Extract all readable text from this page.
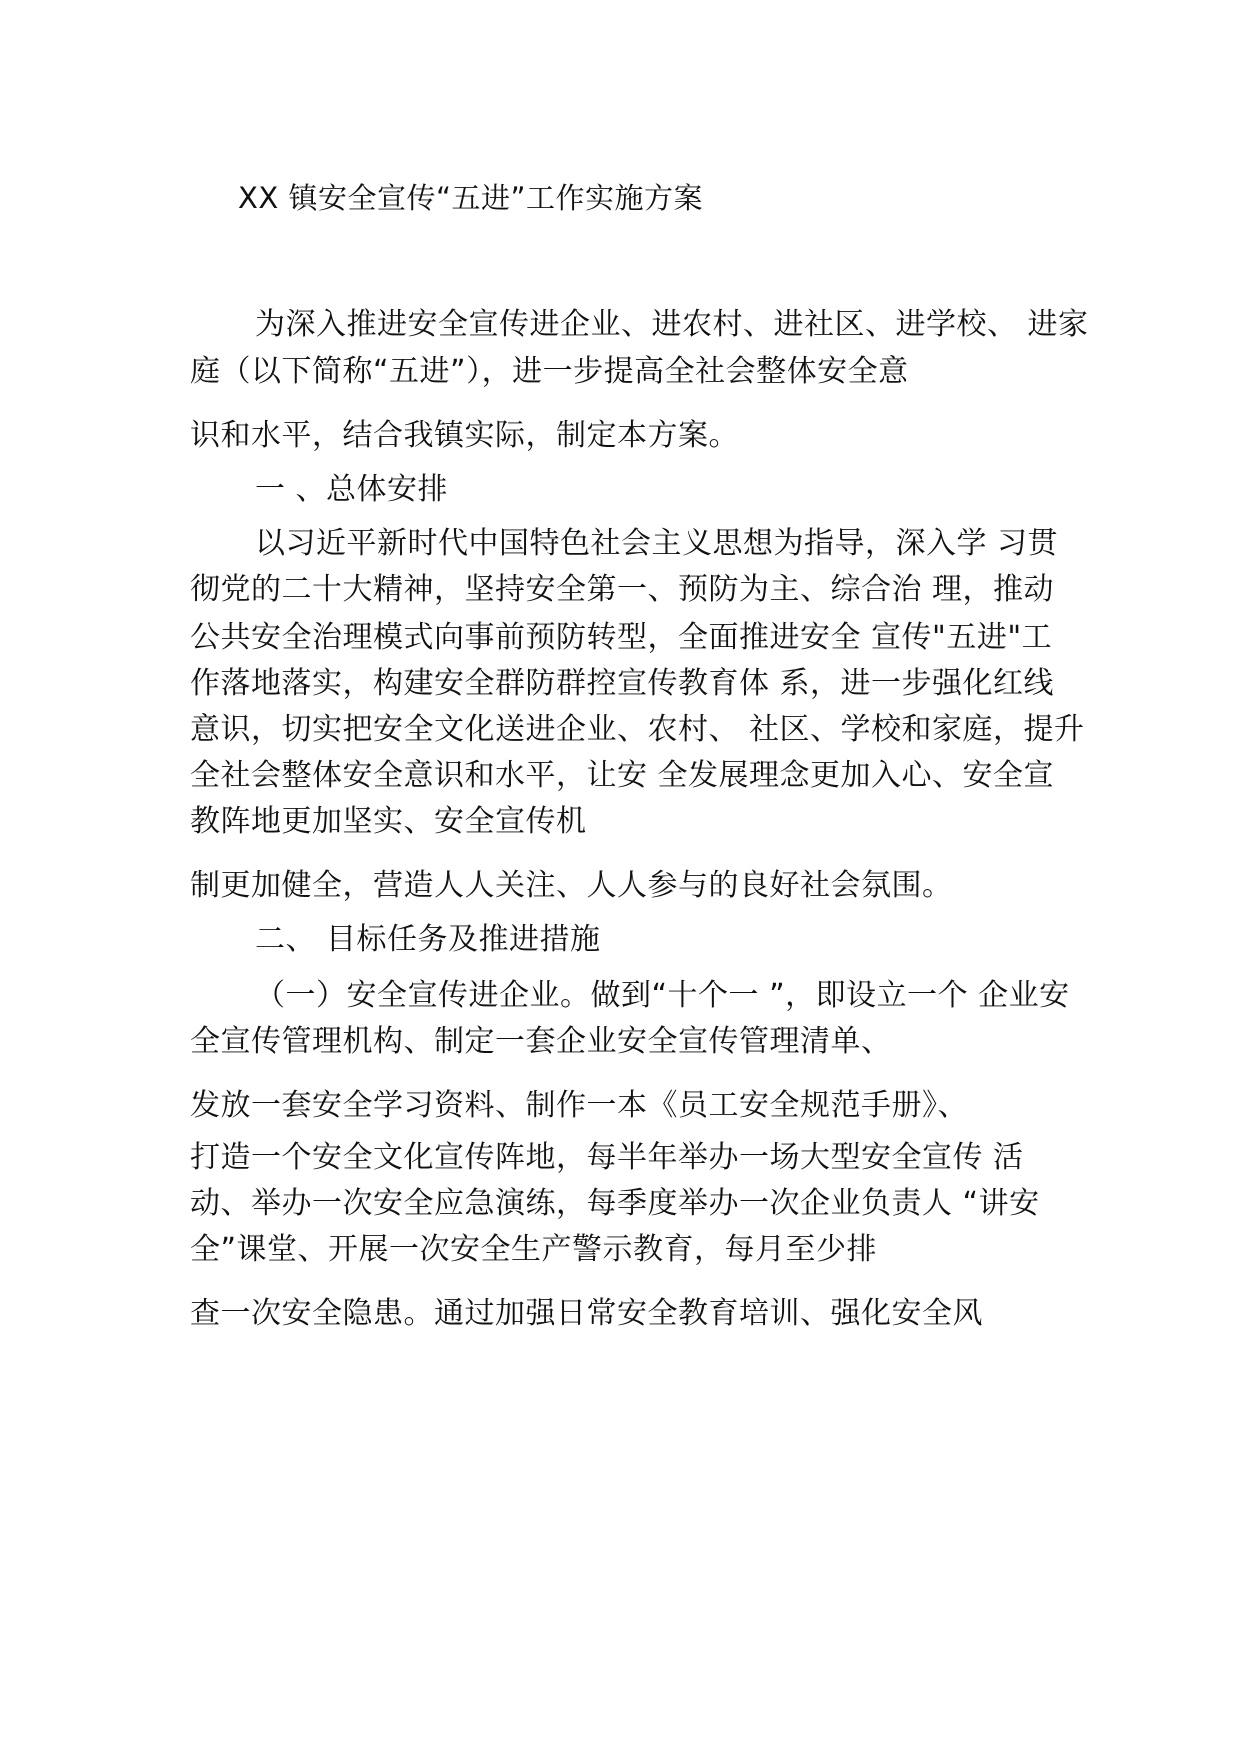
XX 镇安全宣传“五进”工作实施方案
为深入推进安全宣传进企业、进农村、进社区、进学校、 进家
庭（以下简称“五进”），进一步提高全社会整体安全意
识和水平，结合我镇实际，制定本方案。
一 、总体安排
以习近平新时代中国特色社会主义思想为指导，深入学 习贯
彻党的二十大精神，坚持安全第一、预防为主、综合治 理，推动
公共安全治理模式向事前预防转型，全面推进安全 宣传"五进"工
作落地落实，构建安全群防群控宣传教育体 系，进一步强化红线
意识，切实把安全文化送进企业、农村、 社区、学校和家庭，提升
全社会整体安全意识和水平，让安 全发展理念更加入心、安全宣
教阵地更加坚实、安全宣传机
制更加健全，营造人人关注、人人参与的良好社会氛围。
二、 目标任务及推进措施
（一）安全宣传进企业。做到“十个一 ”，即设立一个 企业安
全宣传管理机构、制定一套企业安全宣传管理清单、
发放一套安全学习资料、制作一本《员工安全规范手册》、
打造一个安全文化宣传阵地，每半年举办一场大型安全宣传 活
动、举办一次安全应急演练，每季度举办一次企业负责人 “讲安
全”课堂、开展一次安全生产警示教育，每月至少排
查一次安全隐患。通过加强日常安全教育培训、强化安全风
